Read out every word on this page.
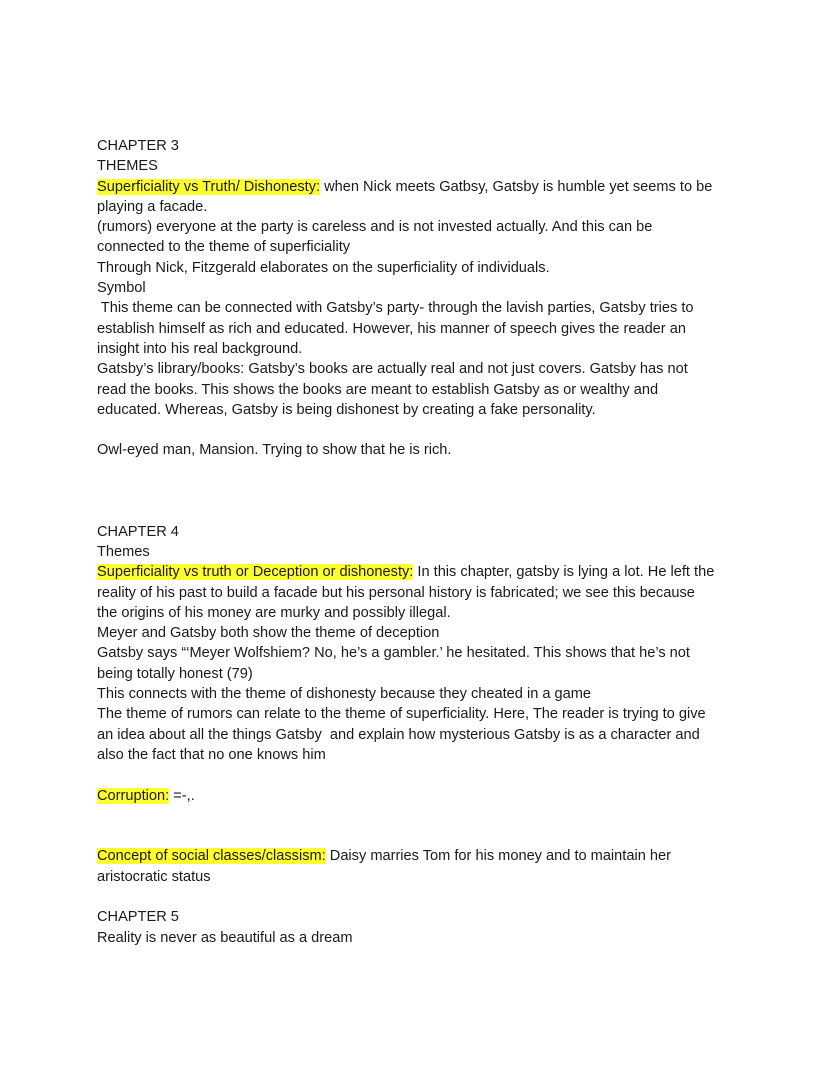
CHAPTER 3
THEMES
Superficiality vs Truth/ Dishonesty: when Nick meets Gatbsy, Gatsby is humble yet seems to be
playing a facade.
(rumors) everyone at the party is careless and is not invested actually. And this can be
connected to the theme of superficiality
Through Nick, Fitzgerald elaborates on the superficiality of individuals.
Symbol
This theme can be connected with Gatsby’s party- through the lavish parties, Gatsby tries to
establish himself as rich and educated. However, his manner of speech gives the reader an
insight into his real background.
Gatsby’s library/books: Gatsby’s books are actually real and not just covers. Gatsby has not
read the books. This shows the books are meant to establish Gatsby as or wealthy and
educated. Whereas, Gatsby is being dishonest by creating a fake personality.
Owl-eyed man, Mansion. Trying to show that he is rich.
CHAPTER 4
Themes
Superficiality vs truth or Deception or dishonesty: In this chapter, gatsby is lying a lot. He left the
reality of his past to build a facade but his personal history is fabricated; we see this because
the origins of his money are murky and possibly illegal.
Meyer and Gatsby both show the theme of deception
Gatsby says “‘Meyer Wolfshiem? No, he’s a gambler.’ he hesitated. This shows that he’s not
being totally honest (79)
This connects with the theme of dishonesty because they cheated in a game
The theme of rumors can relate to the theme of superficiality. Here, The reader is trying to give
an idea about all the things Gatsby  and explain how mysterious Gatsby is as a character and
also the fact that no one knows him
Corruption: =-,.
Concept of social classes/classism: Daisy marries Tom for his money and to maintain her
aristocratic status
CHAPTER 5
Reality is never as beautiful as a dream
